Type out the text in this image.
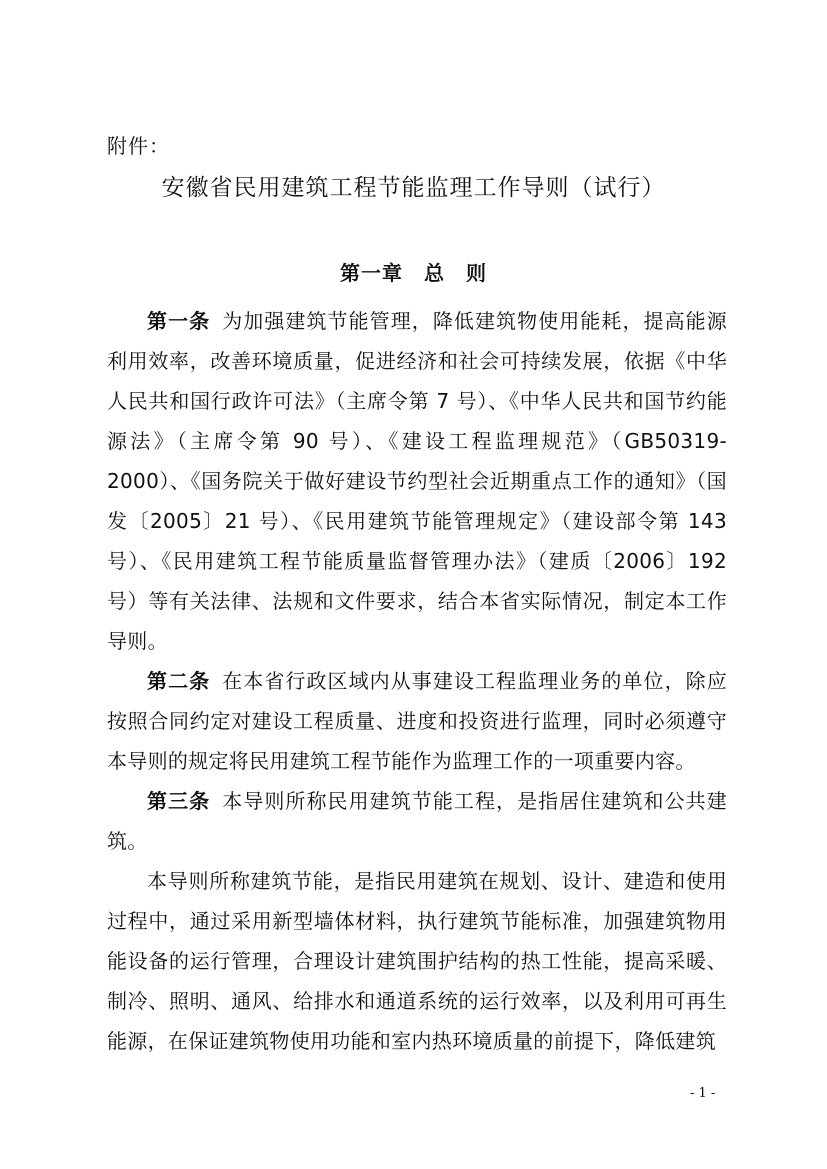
附件：
安徽省民用建筑工程节能监理工作导则（试行）
第一章　总　则

第一条 为加强建筑节能管理，降低建筑物使用能耗，提高能源利用效率，改善环境质量，促进经济和社会可持续发展，依据《中华人民共和国行政许可法》（主席令第 7 号）、《中华人民共和国节约能源法》（主席令第 90 号）、《建设工程监理规范》（GB50319-2000）、《国务院关于做好建设节约型社会近期重点工作的通知》（国发〔2005〕21 号）、《民用建筑节能管理规定》（建设部令第 143 号）、《民用建筑工程节能质量监督管理办法》（建质〔2006〕192 号）等有关法律、法规和文件要求，结合本省实际情况，制定本工作导则。

第二条 在本省行政区域内从事建设工程监理业务的单位，除应按照合同约定对建设工程质量、进度和投资进行监理，同时必须遵守本导则的规定将民用建筑工程节能作为监理工作的一项重要内容。

第三条 本导则所称民用建筑节能工程，是指居住建筑和公共建筑。

本导则所称建筑节能，是指民用建筑在规划、设计、建造和使用过程中，通过采用新型墙体材料，执行建筑节能标准，加强建筑物用能设备的运行管理，合理设计建筑围护结构的热工性能，提高采暖、制冷、照明、通风、给排水和通道系统的运行效率，以及利用可再生能源，在保证建筑物使用功能和室内热环境质量的前提下，降低建筑

- 1 -
